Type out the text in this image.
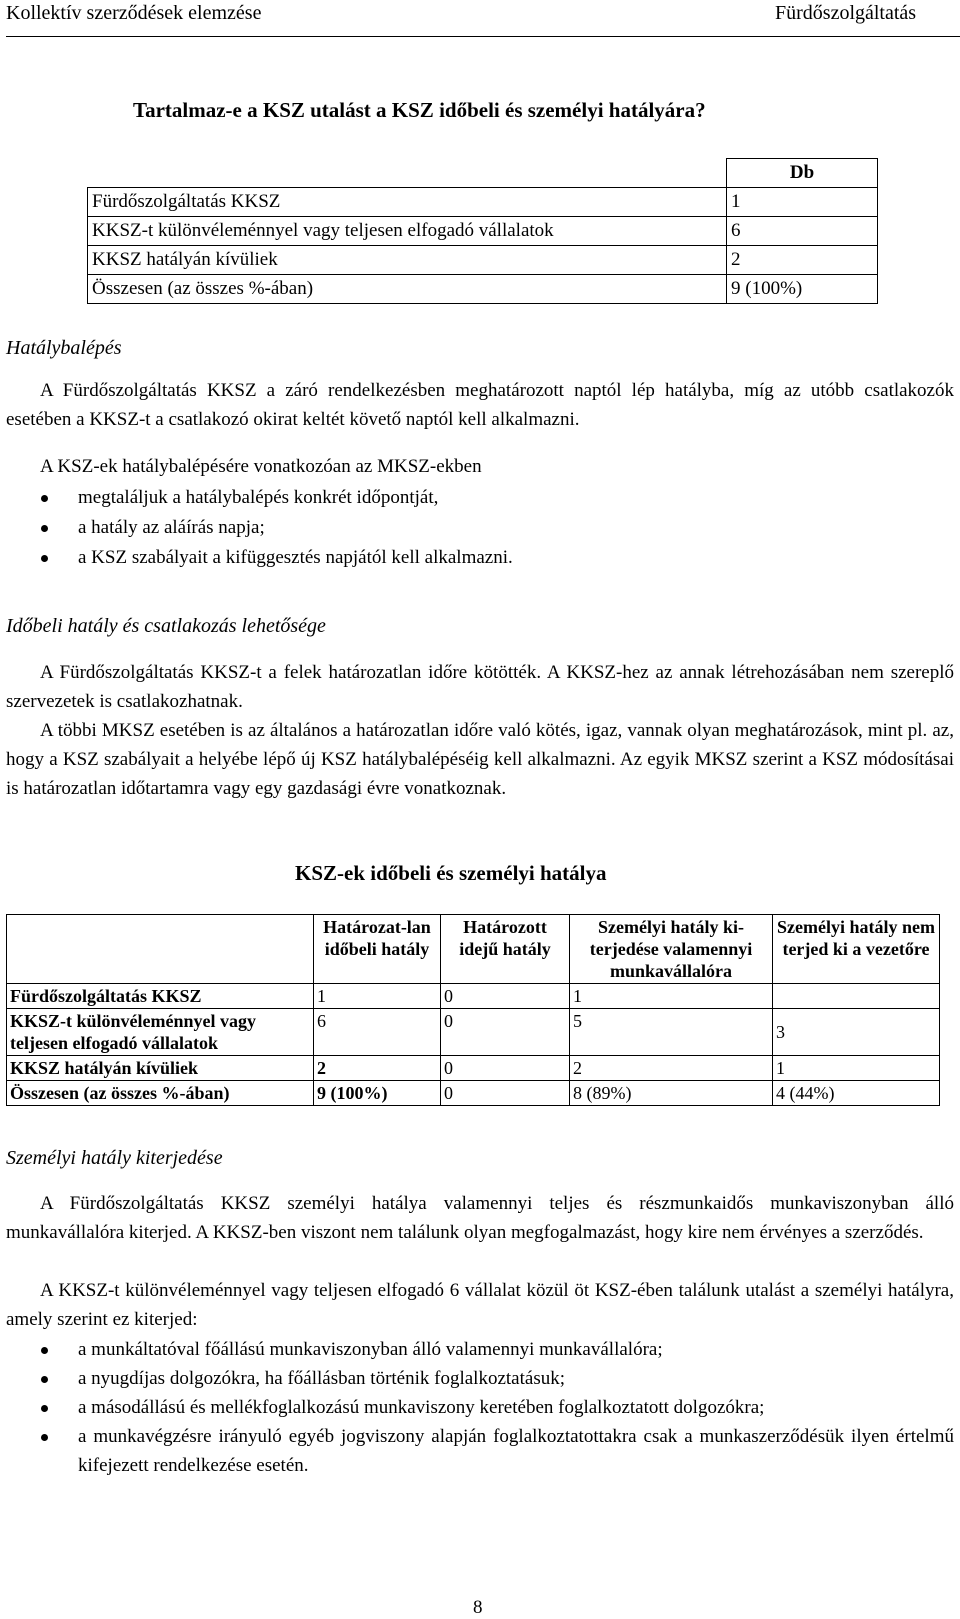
Kollektív szerződések elemzése	Fürdőszolgáltatás
Tartalmaz-e a KSZ utalást a KSZ időbeli és személyi hatályára?
	Db
Fürdőszolgáltatás KKSZ	1
KKSZ-t különvéleménnyel vagy teljesen elfogadó vállalatok	6
KKSZ hatályán kívüliek	2
Összesen (az összes %-ában)	9 (100%)
Hatálybalépés
A Fürdőszolgáltatás KKSZ a záró rendelkezésben meghatározott naptól lép hatályba, míg az utóbb csatlakozók esetében a KKSZ-t a csatlakozó okirat keltét követő naptól kell alkalmazni.
A KSZ-ek hatálybalépésére vonatkozóan az MKSZ-ekben
megtaláljuk a hatálybalépés konkrét időpontját,
a hatály az aláírás napja;
a KSZ szabályait a kifüggesztés napjától kell alkalmazni.
Időbeli hatály és csatlakozás lehetősége
A Fürdőszolgáltatás KKSZ-t a felek határozatlan időre kötötték. A KKSZ-hez az annak létrehozásában nem szereplő szervezetek is csatlakozhatnak.
A többi MKSZ esetében is az általános a határozatlan időre való kötés, igaz, vannak olyan meghatározások, mint pl. az, hogy a KSZ szabályait a helyébe lépő új KSZ hatálybalépéséig kell alkalmazni. Az egyik MKSZ szerint a KSZ módosításai is határozatlan időtartamra vagy egy gazdasági évre vonatkoznak.
KSZ-ek időbeli és személyi hatálya
	Határozat-lan időbeli hatály	Határozott idejű hatály	Személyi hatály ki-terjedése valamennyi munkavállalóra	Személyi hatály nem terjed ki a vezetőre
Fürdőszolgáltatás KKSZ	1	0	1	
KKSZ-t különvéleménnyel vagy teljesen elfogadó vállalatok	6	0	5	3
KKSZ hatályán kívüliek	2	0	2	1
Összesen (az összes %-ában)	9 (100%)	0	8 (89%)	4 (44%)
Személyi hatály kiterjedése
A Fürdőszolgáltatás KKSZ személyi hatálya valamennyi teljes és részmunkaidős munkaviszonyban álló munkavállalóra kiterjed. A KKSZ-ben viszont nem találunk olyan megfogalmazást, hogy kire nem érvényes a szerződés.
A KKSZ-t különvéleménnyel vagy teljesen elfogadó 6 vállalat közül öt KSZ-ében találunk utalást a személyi hatályra, amely szerint ez kiterjed:
a munkáltatóval főállású munkaviszonyban álló valamennyi munkavállalóra;
a nyugdíjas dolgozókra, ha főállásban történik foglalkoztatásuk;
a másodállású és mellékfoglalkozású munkaviszony keretében foglalkoztatott dolgozókra;
a munkavégzésre irányuló egyéb jogviszony alapján foglalkoztatottakra csak a munkaszerződésük ilyen értelmű kifejezett rendelkezése esetén.
8
